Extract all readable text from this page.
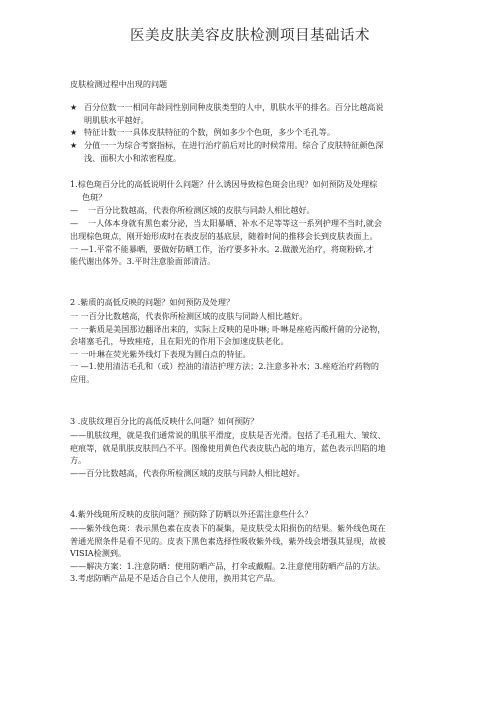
医美皮肤美容皮肤检测项目基础话术
皮肤检测过程中出现的问题
★ 百分位数一一相同年龄同性别同种皮肤类型的人中，肌肤水平的排名。百分比越高说
明肌肤水平越好。
★ 特征计数一一具体皮肤特征的个数，例如多少个色斑，多少个毛孔等。
★ 分值一一为综合考察指标，在进行治疗前后对比的时候常用。综合了皮肤特征颜色深
浅、面积大小和浓密程度。
1.棕色斑百分比的高低说明什么问题？什么诱因导致棕色斑会出现？如何预防及处理棕
色斑？
— 一百分比数越高，代表你所检测区域的皮肤与同龄人相比越好。
— 一人体本身就有黑色素分泌，当太阳暴晒、补水不足等等这一系列护理不当时,就会
出现棕色斑点，刚开始形成时在表皮层的基底层，随着时间的推移会长到皮肤表面上。
一 —1.平常不能暴晒，要做好防晒工作，治疗要多补水。2.做激光治疗，将斑粉碎,才
能代谢出体外。3.平时注意脸面部清洁。
2 .紫质的高低反映的问题？如何预防及处理？
一 一百分比数越高，代表你所检测区域的皮肤与同龄人相比越好。
一 一紫质是美国那边翻译出来的，实际上反映的是卟啉; 卟啉是痤疮丙酸杆菌的分泌物，
会堵塞毛孔，导致痤疮，且在阳光的作用下会加速皮肤老化。
一 一叶琳在荧光紫外线灯下表现为圆白点的特征。
一 —1.使用清洁毛孔和（或）控油的清洁护理方法；2.注意多补水；3.痤疮治疗药物的
应用。
3 .皮肤纹理百分比的高低反映什么问题？如何预防？
——肌肤纹理，就是我们通常说的肌肤平滑度，皮肤是否光滑。包括了毛孔粗大、皱纹、
疤痕等，就是肌肤皮肤凹凸不平。图像使用黄色代表皮肤凸起的地方，蓝色表示凹陷的地
方。
——百分比数越高，代表你所检测区域的皮肤与同龄人相比越好。
4.紫外线斑所反映的皮肤问题？预防除了防晒以外还需注意些什么？
——紫外线色斑：表示黑色素在皮表下的凝集，是皮肤受太阳损伤的结果。紫外线色斑在
普通光照条件是看不见的。皮表下黑色素选择性吸收紫外线，紫外线会增强其显现，故被
VISIA检测到。
——解决方案：1.注意防晒：使用防晒产品，打伞或戴帽。2.注意使用防晒产品的方法。
3.考虑防晒产品是不是适合自己个人使用，换用其它产品。
